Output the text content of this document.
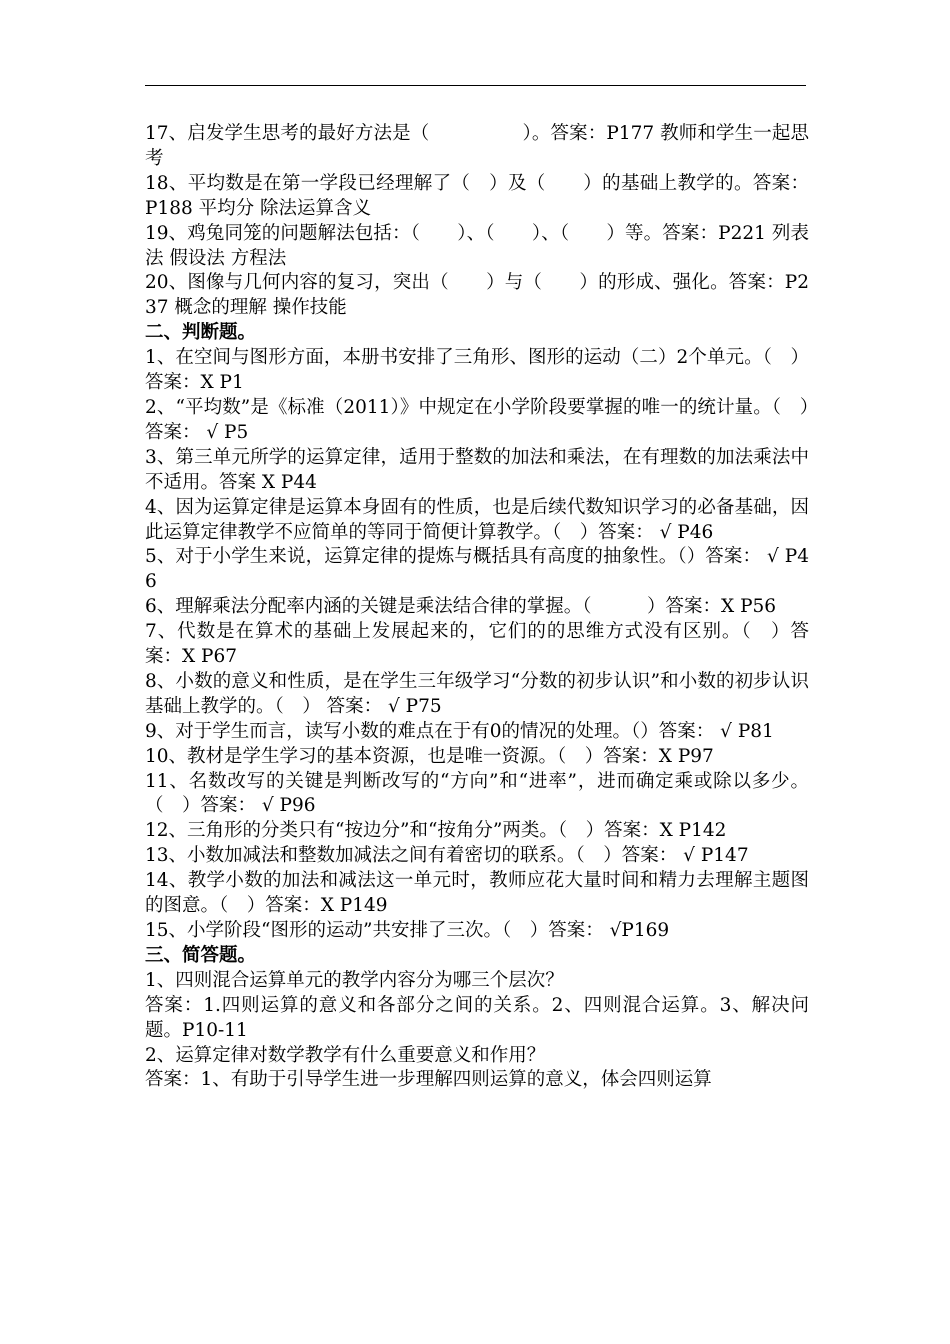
17、启发学生思考的最好方法是（　　　　　）。答案：P177 教师和学生一起思考

18、平均数是在第一学段已经理解了（　）及（　　）的基础上教学的。答案：P188 平均分 除法运算含义

19、鸡兔同笼的问题解法包括：（　　）、（　　）、（　　）等。答案：P221 列表法 假设法 方程法

20、图像与几何内容的复习，突出（　　）与（　　）的形成、强化。答案：P237 概念的理解 操作技能

二、判断题。

1、在空间与图形方面，本册书安排了三角形、图形的运动（二）2个单元。（　）答案：X P1

2、“平均数”是《标准（2011）》中规定在小学阶段要掌握的唯一的统计量。（　）答案： √ P5

3、第三单元所学的运算定律，适用于整数的加法和乘法，在有理数的加法乘法中不适用。答案 X P44

4、因为运算定律是运算本身固有的性质，也是后续代数知识学习的必备基础，因此运算定律教学不应简单的等同于简便计算教学。（　）答案： √ P46

5、对于小学生来说，运算定律的提炼与概括具有高度的抽象性。（）答案： √ P46

6、理解乘法分配率内涵的关键是乘法结合律的掌握。（　　　）答案：X P56

7、代数是在算术的基础上发展起来的，它们的的思维方式没有区别。（　）答案：X P67

8、小数的意义和性质，是在学生三年级学习“分数的初步认识”和小数的初步认识基础上教学的。（　） 答案： √ P75

9、对于学生而言，读写小数的难点在于有0的情况的处理。（）答案： √ P81

10、教材是学生学习的基本资源，也是唯一资源。（　）答案：X P97

11、名数改写的关键是判断改写的“方向”和“进率”，进而确定乘或除以多少。（　）答案： √ P96

12、三角形的分类只有“按边分”和“按角分”两类。（　）答案：X P142

13、小数加减法和整数加减法之间有着密切的联系。（　）答案： √ P147

14、教学小数的加法和减法这一单元时，教师应花大量时间和精力去理解主题图的图意。（　）答案：X P149

15、小学阶段“图形的运动”共安排了三次。（　）答案： √P169

三、简答题。

1、四则混合运算单元的教学内容分为哪三个层次？

答案：1.四则运算的意义和各部分之间的关系。2、四则混合运算。3、解决问题。P10-11

2、运算定律对数学教学有什么重要意义和作用？

答案：1、有助于引导学生进一步理解四则运算的意义，体会四则运算
